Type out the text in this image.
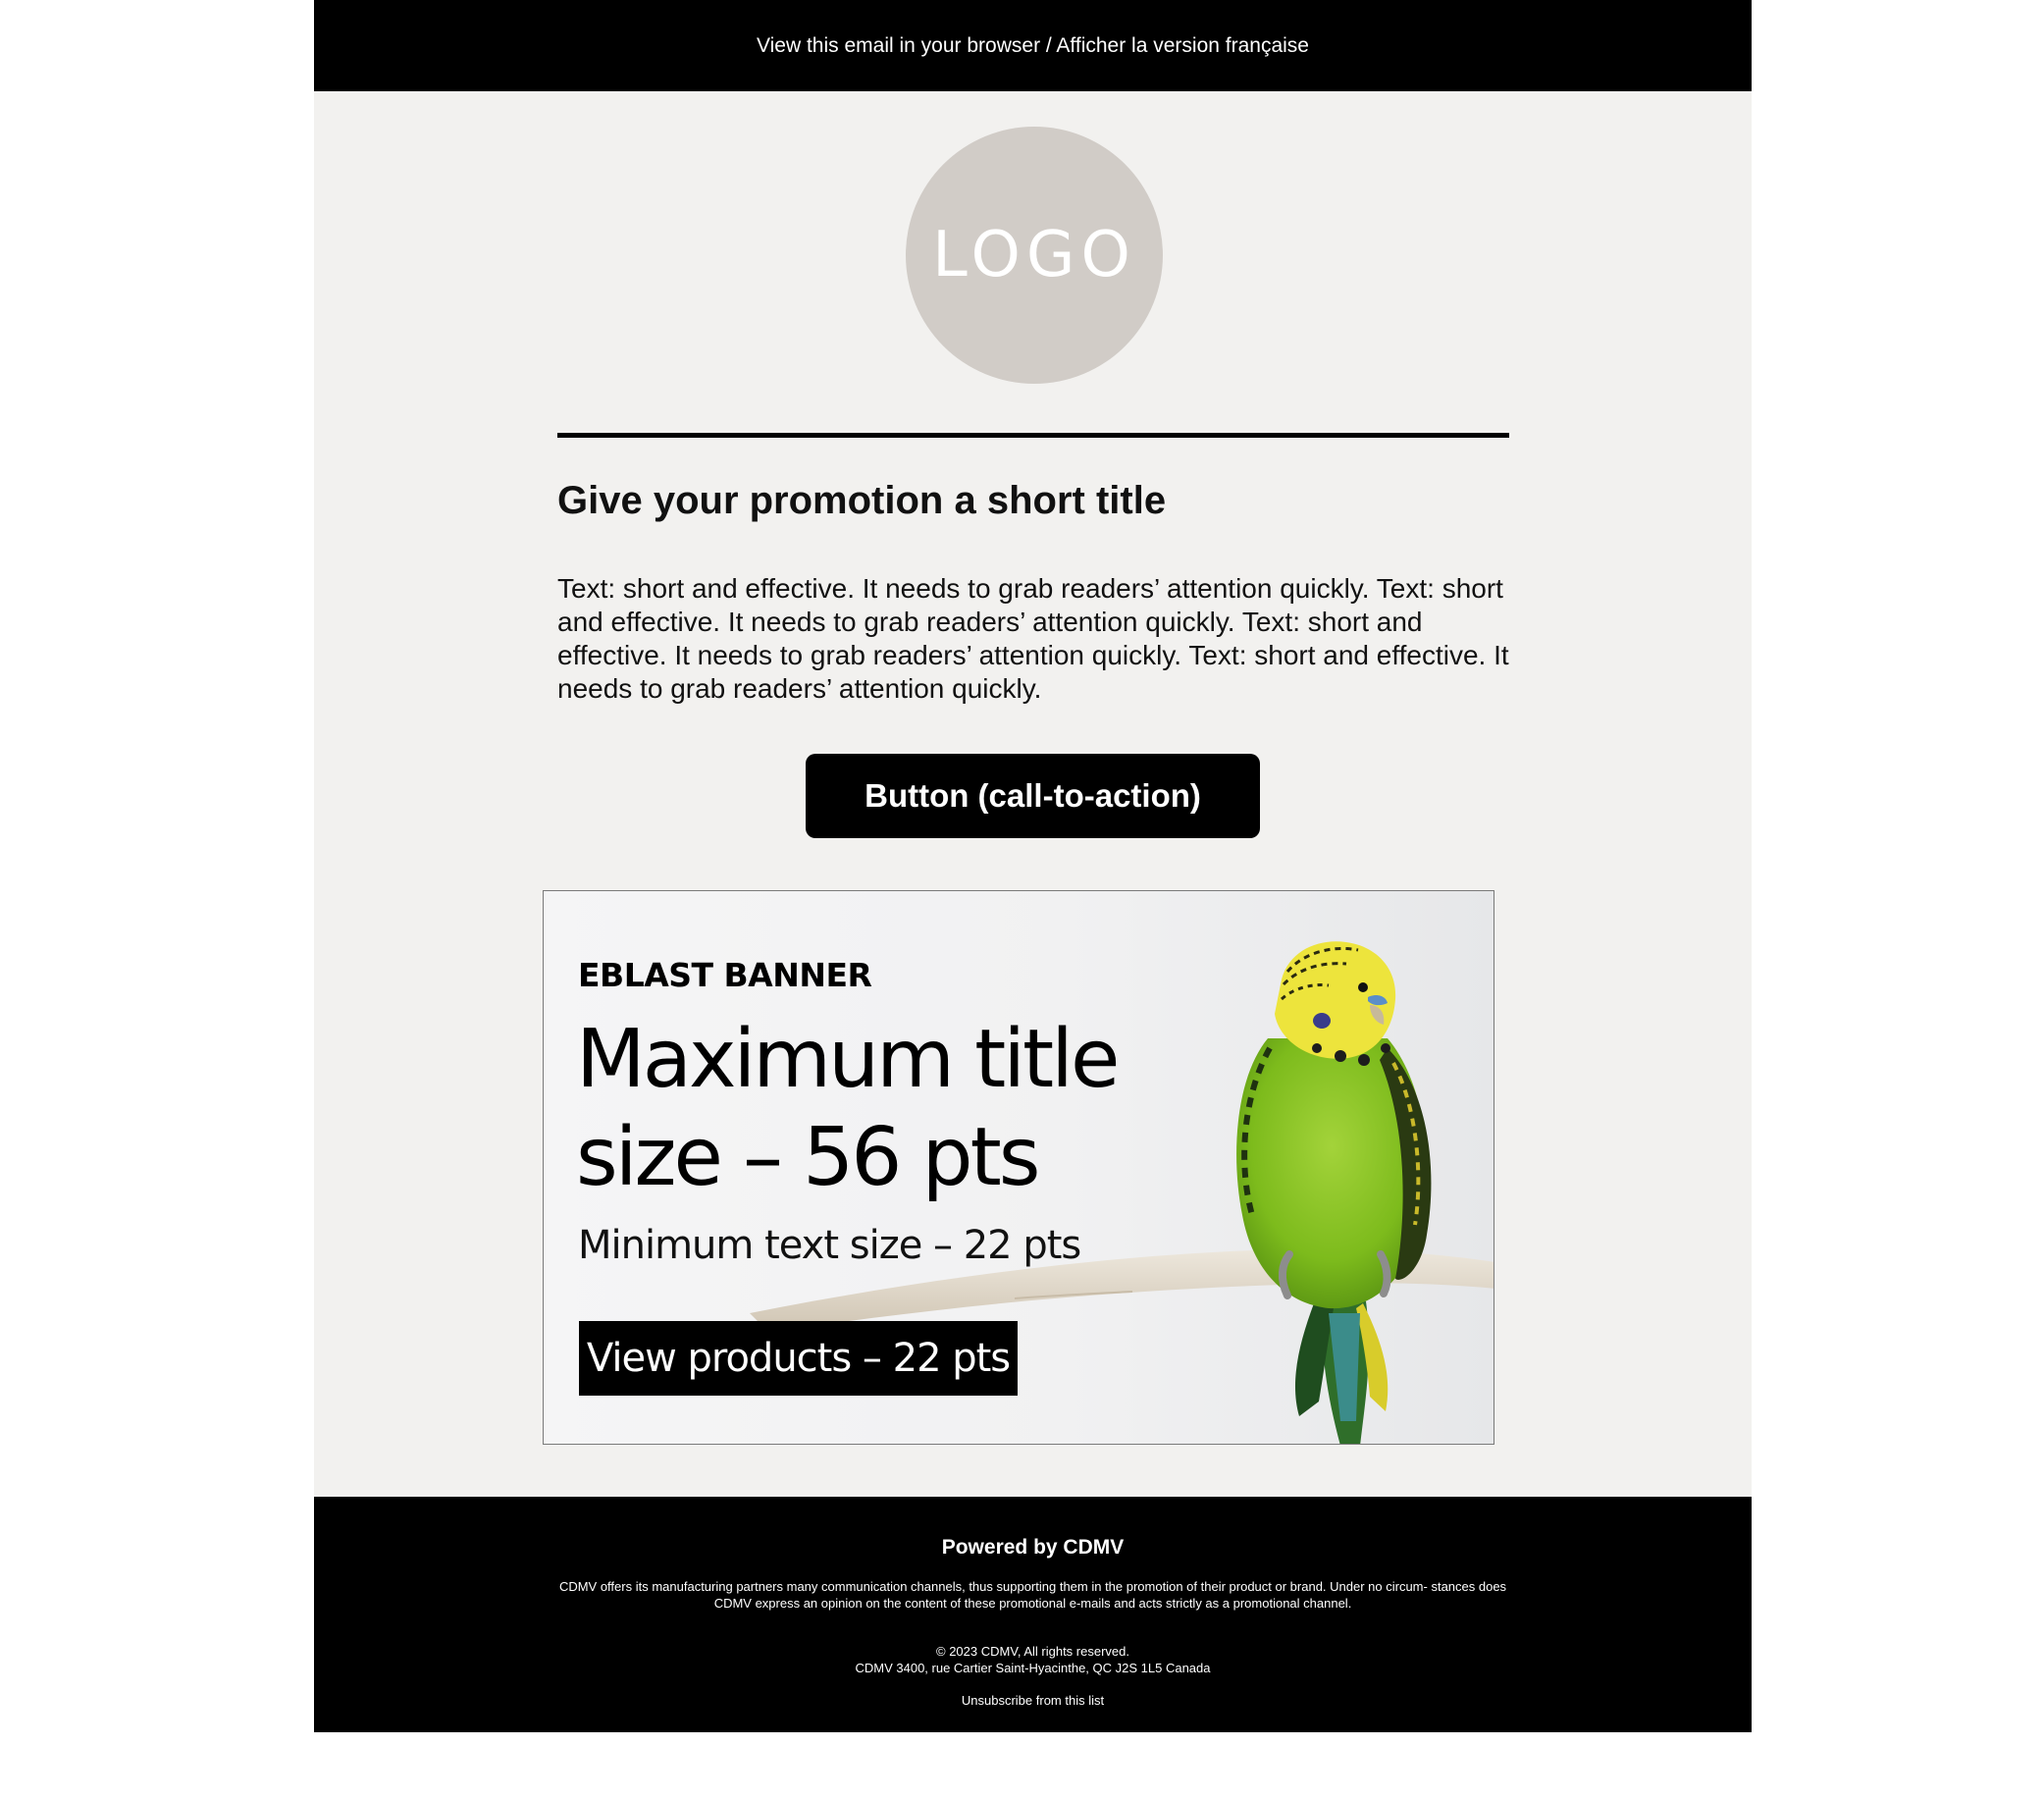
View this email in your browser / Afficher la version française
LOGO
Give your promotion a short title

Text: short and effective. It needs to grab readers’ attention quickly. Text: short and effective. It needs to grab readers’ attention quickly. Text: short and effective. It needs to grab readers’ attention quickly. Text: short and effective. It needs to grab readers’ attention quickly.

Button (call-to-action)
EBLAST BANNER
Maximum title size – 56 pts
Minimum text size – 22 pts
View products – 22 pts
Powered by CDMV
CDMV offers its manufacturing partners many communication channels, thus supporting them in the promotion of their product or brand. Under no circum- stances does CDMV express an opinion on the content of these promotional e-mails and acts strictly as a promotional channel.
© 2023 CDMV, All rights reserved.
CDMV 3400, rue Cartier Saint-Hyacinthe, QC J2S 1L5 Canada
Unsubscribe from this list
